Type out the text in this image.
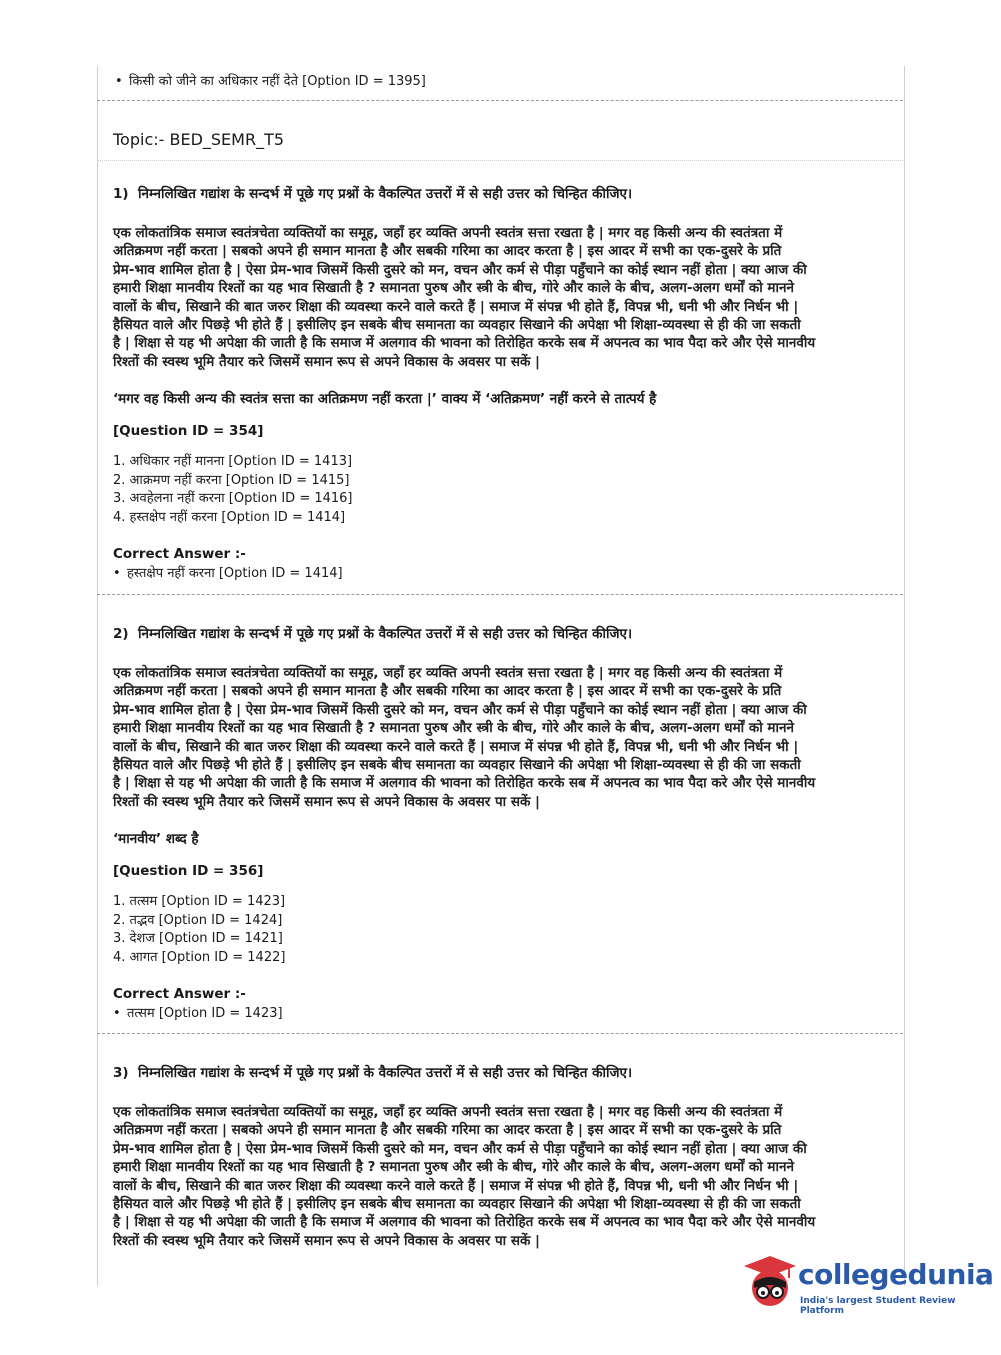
• किसी को जीने का अधिकार नहीं देते [Option ID = 1395]

Topic:- BED_SEMR_T5

1) निम्नलिखित गद्यांश के सन्दर्भ में पूछे गए प्रश्नों के वैकल्पित उत्तरों में से सही उत्तर को चिन्हित कीजिए।

एक लोकतांत्रिक समाज स्वतंत्रचेता व्यक्तियों का समूह, जहाँ हर व्यक्ति अपनी स्वतंत्र सत्ता रखता है | मगर वह किसी अन्य की स्वतंत्रता में
अतिक्रमण नहीं करता | सबको अपने ही समान मानता है और सबकी गरिमा का आदर करता है | इस आदर में सभी का एक-दुसरे के प्रति
प्रेम-भाव शामिल होता है | ऐसा प्रेम-भाव जिसमें किसी दुसरे को मन, वचन और कर्म से पीड़ा पहुँचाने का कोई स्थान नहीं होता | क्या आज की
हमारी शिक्षा मानवीय रिश्तों का यह भाव सिखाती है ? समानता पुरुष और स्त्री के बीच, गोरे और काले के बीच, अलग-अलग धर्मों को मानने
वालों के बीच, सिखाने की बात जरुर शिक्षा की व्यवस्था करने वाले करते हैं | समाज में संपन्न भी होते हैं, विपन्न भी, धनी भी और निर्धन भी |
हैसियत वाले और पिछड़े भी होते हैं | इसीलिए इन सबके बीच समानता का व्यवहार सिखाने की अपेक्षा भी शिक्षा-व्यवस्था से ही की जा सकती
है | शिक्षा से यह भी अपेक्षा की जाती है कि समाज में अलगाव की भावना को तिरोहित करके सब में अपनत्व का भाव पैदा करे और ऐसे मानवीय
रिश्तों की स्वस्थ भूमि तैयार करे जिसमें समान रूप से अपने विकास के अवसर पा सकें |

‘मगर वह किसी अन्य की स्वतंत्र सत्ता का अतिक्रमण नहीं करता |’ वाक्य में ‘अतिक्रमण’ नहीं करने से तात्पर्य है

[Question ID = 354]

1. अधिकार नहीं मानना [Option ID = 1413]
2. आक्रमण नहीं करना [Option ID = 1415]
3. अवहेलना नहीं करना [Option ID = 1416]
4. हस्तक्षेप नहीं करना [Option ID = 1414]

Correct Answer :-

• हस्तक्षेप नहीं करना [Option ID = 1414]

2) निम्नलिखित गद्यांश के सन्दर्भ में पूछे गए प्रश्नों के वैकल्पित उत्तरों में से सही उत्तर को चिन्हित कीजिए।

एक लोकतांत्रिक समाज स्वतंत्रचेता व्यक्तियों का समूह, जहाँ हर व्यक्ति अपनी स्वतंत्र सत्ता रखता है | मगर वह किसी अन्य की स्वतंत्रता में
अतिक्रमण नहीं करता | सबको अपने ही समान मानता है और सबकी गरिमा का आदर करता है | इस आदर में सभी का एक-दुसरे के प्रति
प्रेम-भाव शामिल होता है | ऐसा प्रेम-भाव जिसमें किसी दुसरे को मन, वचन और कर्म से पीड़ा पहुँचाने का कोई स्थान नहीं होता | क्या आज की
हमारी शिक्षा मानवीय रिश्तों का यह भाव सिखाती है ? समानता पुरुष और स्त्री के बीच, गोरे और काले के बीच, अलग-अलग धर्मों को मानने
वालों के बीच, सिखाने की बात जरुर शिक्षा की व्यवस्था करने वाले करते हैं | समाज में संपन्न भी होते हैं, विपन्न भी, धनी भी और निर्धन भी |
हैसियत वाले और पिछड़े भी होते हैं | इसीलिए इन सबके बीच समानता का व्यवहार सिखाने की अपेक्षा भी शिक्षा-व्यवस्था से ही की जा सकती
है | शिक्षा से यह भी अपेक्षा की जाती है कि समाज में अलगाव की भावना को तिरोहित करके सब में अपनत्व का भाव पैदा करे और ऐसे मानवीय
रिश्तों की स्वस्थ भूमि तैयार करे जिसमें समान रूप से अपने विकास के अवसर पा सकें |

‘मानवीय’ शब्द है

[Question ID = 356]

1. तत्सम [Option ID = 1423]
2. तद्भव [Option ID = 1424]
3. देशज [Option ID = 1421]
4. आगत [Option ID = 1422]

Correct Answer :-

• तत्सम [Option ID = 1423]

3) निम्नलिखित गद्यांश के सन्दर्भ में पूछे गए प्रश्नों के वैकल्पित उत्तरों में से सही उत्तर को चिन्हित कीजिए।

एक लोकतांत्रिक समाज स्वतंत्रचेता व्यक्तियों का समूह, जहाँ हर व्यक्ति अपनी स्वतंत्र सत्ता रखता है | मगर वह किसी अन्य की स्वतंत्रता में
अतिक्रमण नहीं करता | सबको अपने ही समान मानता है और सबकी गरिमा का आदर करता है | इस आदर में सभी का एक-दुसरे के प्रति
प्रेम-भाव शामिल होता है | ऐसा प्रेम-भाव जिसमें किसी दुसरे को मन, वचन और कर्म से पीड़ा पहुँचाने का कोई स्थान नहीं होता | क्या आज की
हमारी शिक्षा मानवीय रिश्तों का यह भाव सिखाती है ? समानता पुरुष और स्त्री के बीच, गोरे और काले के बीच, अलग-अलग धर्मों को मानने
वालों के बीच, सिखाने की बात जरुर शिक्षा की व्यवस्था करने वाले करते हैं | समाज में संपन्न भी होते हैं, विपन्न भी, धनी भी और निर्धन भी |
हैसियत वाले और पिछड़े भी होते हैं | इसीलिए इन सबके बीच समानता का व्यवहार सिखाने की अपेक्षा भी शिक्षा-व्यवस्था से ही की जा सकती
है | शिक्षा से यह भी अपेक्षा की जाती है कि समाज में अलगाव की भावना को तिरोहित करके सब में अपनत्व का भाव पैदा करे और ऐसे मानवीय
रिश्तों की स्वस्थ भूमि तैयार करे जिसमें समान रूप से अपने विकास के अवसर पा सकें |
collegedunia
India's largest Student Review Platform
